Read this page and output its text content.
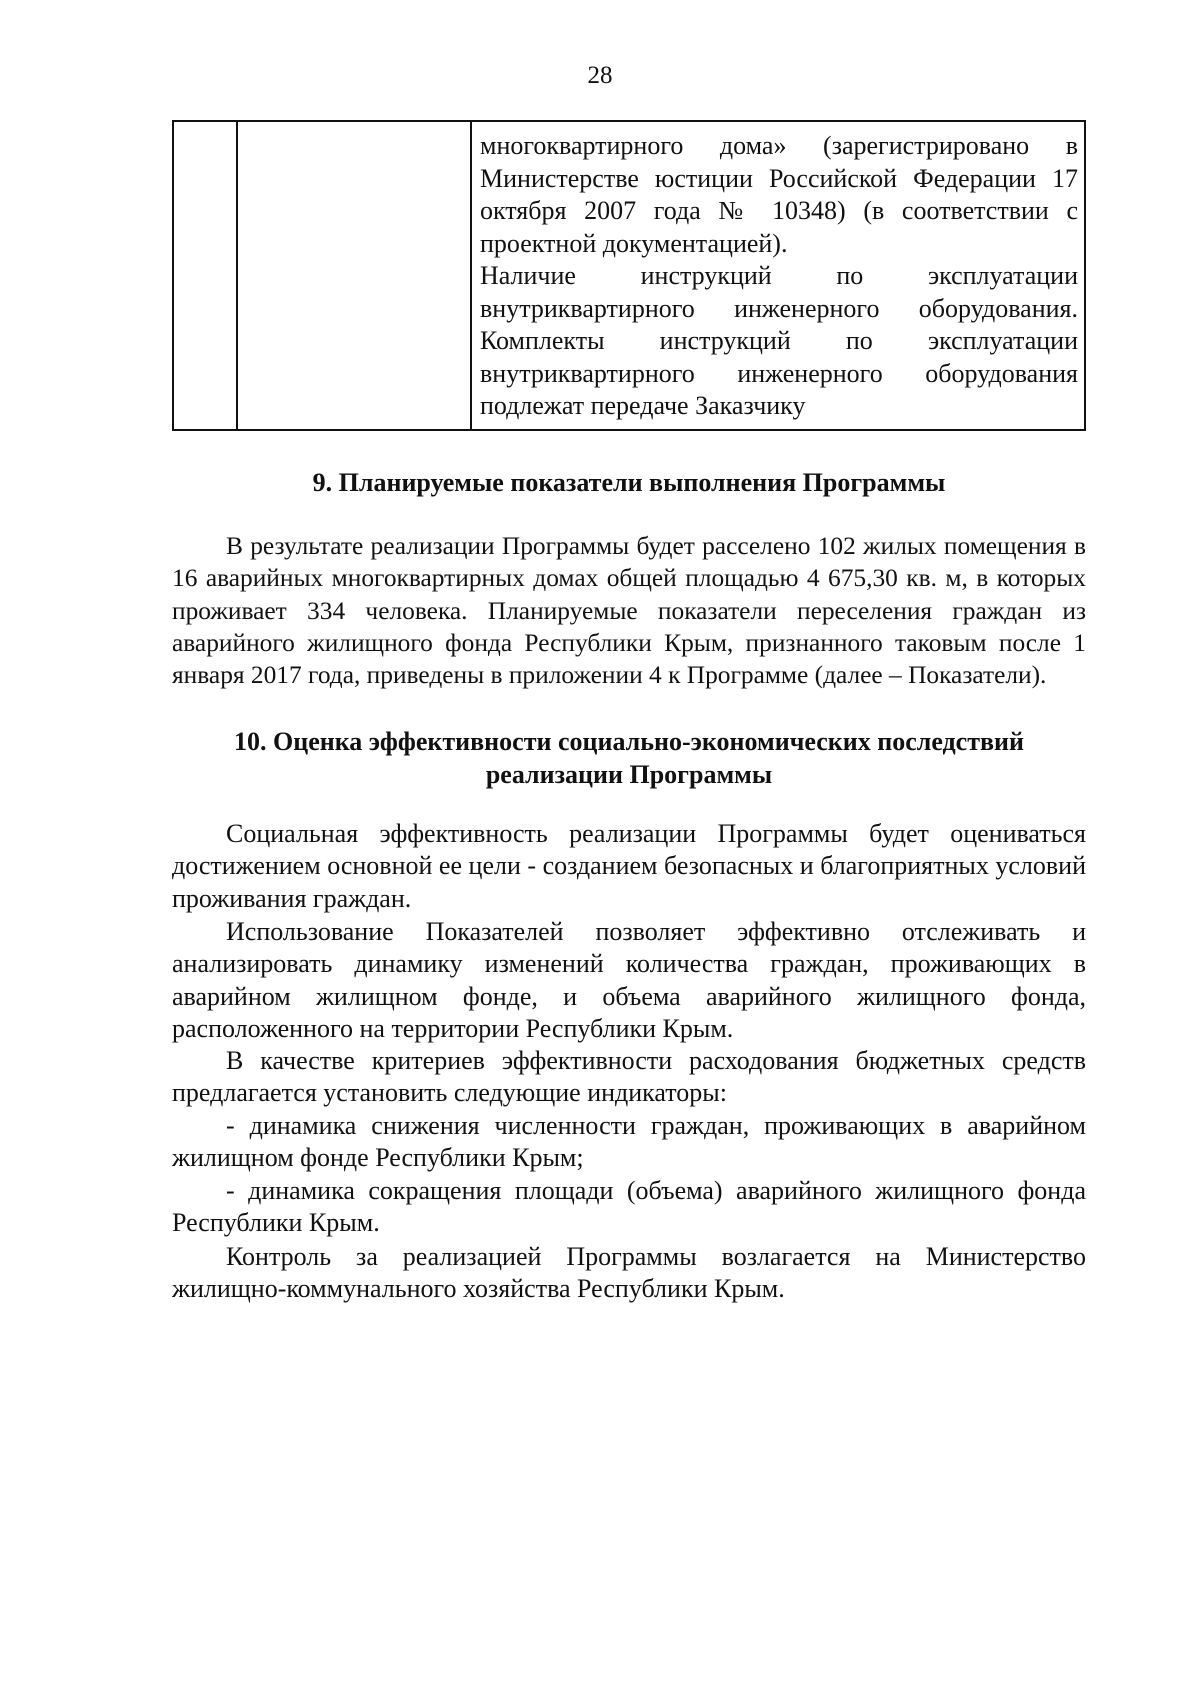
28

многоквартирного дома» (зарегистрировано в Министерстве юстиции Российской Федерации 17 октября 2007 года № 10348) (в соответствии с проектной документацией).

Наличие инструкций по эксплуатации внутриквартирного инженерного оборудования. Комплекты инструкций по эксплуатации внутриквартирного инженерного оборудования подлежат передаче Заказчику

9. Планируемые показатели выполнения Программы

В результате реализации Программы будет расселено 102 жилых помещения в 16 аварийных многоквартирных домах общей площадью 4 675,30 кв. м, в которых проживает 334 человека. Планируемые показатели переселения граждан из аварийного жилищного фонда Республики Крым, признанного таковым после 1 января 2017 года, приведены в приложении 4 к Программе (далее – Показатели).

10. Оценка эффективности социально-экономических последствий реализации Программы

Социальная эффективность реализации Программы будет оцениваться достижением основной ее цели - созданием безопасных и благоприятных условий проживания граждан.

Использование Показателей позволяет эффективно отслеживать и анализировать динамику изменений количества граждан, проживающих в аварийном жилищном фонде, и объема аварийного жилищного фонда, расположенного на территории Республики Крым.

В качестве критериев эффективности расходования бюджетных средств предлагается установить следующие индикаторы:

- динамика снижения численности граждан, проживающих в аварийном жилищном фонде Республики Крым;

- динамика сокращения площади (объема) аварийного жилищного фонда Республики Крым.

Контроль за реализацией Программы возлагается на Министерство жилищно-коммунального хозяйства Республики Крым.
